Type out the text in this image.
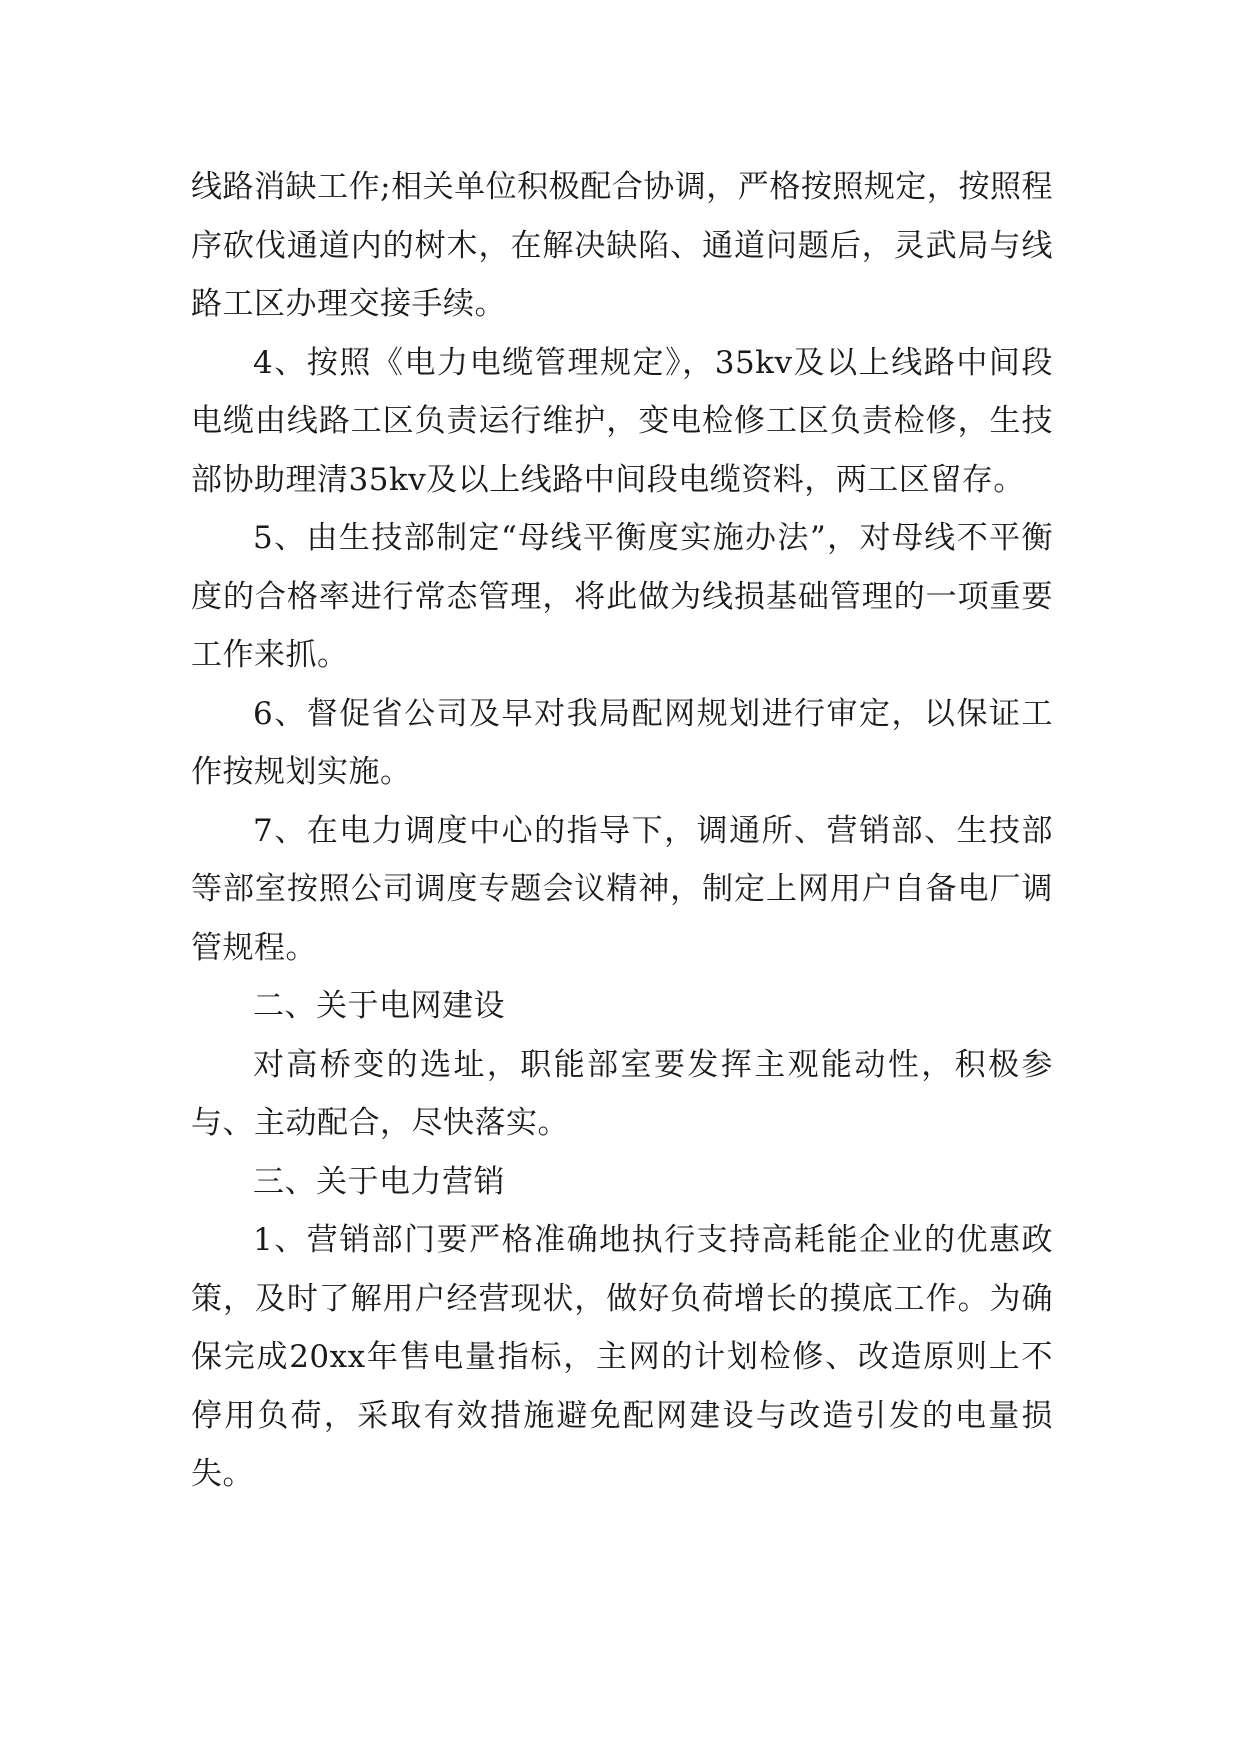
线路消缺工作;相关单位积极配合协调，严格按照规定，按照程序砍伐通道内的树木，在解决缺陷、通道问题后，灵武局与线路工区办理交接手续。

4、按照《电力电缆管理规定》，35kv及以上线路中间段电缆由线路工区负责运行维护，变电检修工区负责检修，生技部协助理清35kv及以上线路中间段电缆资料，两工区留存。

5、由生技部制定“母线平衡度实施办法”，对母线不平衡度的合格率进行常态管理，将此做为线损基础管理的一项重要工作来抓。

6、督促省公司及早对我局配网规划进行审定，以保证工作按规划实施。

7、在电力调度中心的指导下，调通所、营销部、生技部等部室按照公司调度专题会议精神，制定上网用户自备电厂调管规程。

二、关于电网建设

对高桥变的选址，职能部室要发挥主观能动性，积极参与、主动配合，尽快落实。

三、关于电力营销

1、营销部门要严格准确地执行支持高耗能企业的优惠政策，及时了解用户经营现状，做好负荷增长的摸底工作。为确保完成20xx年售电量指标，主网的计划检修、改造原则上不停用负荷，采取有效措施避免配网建设与改造引发的电量损失。
